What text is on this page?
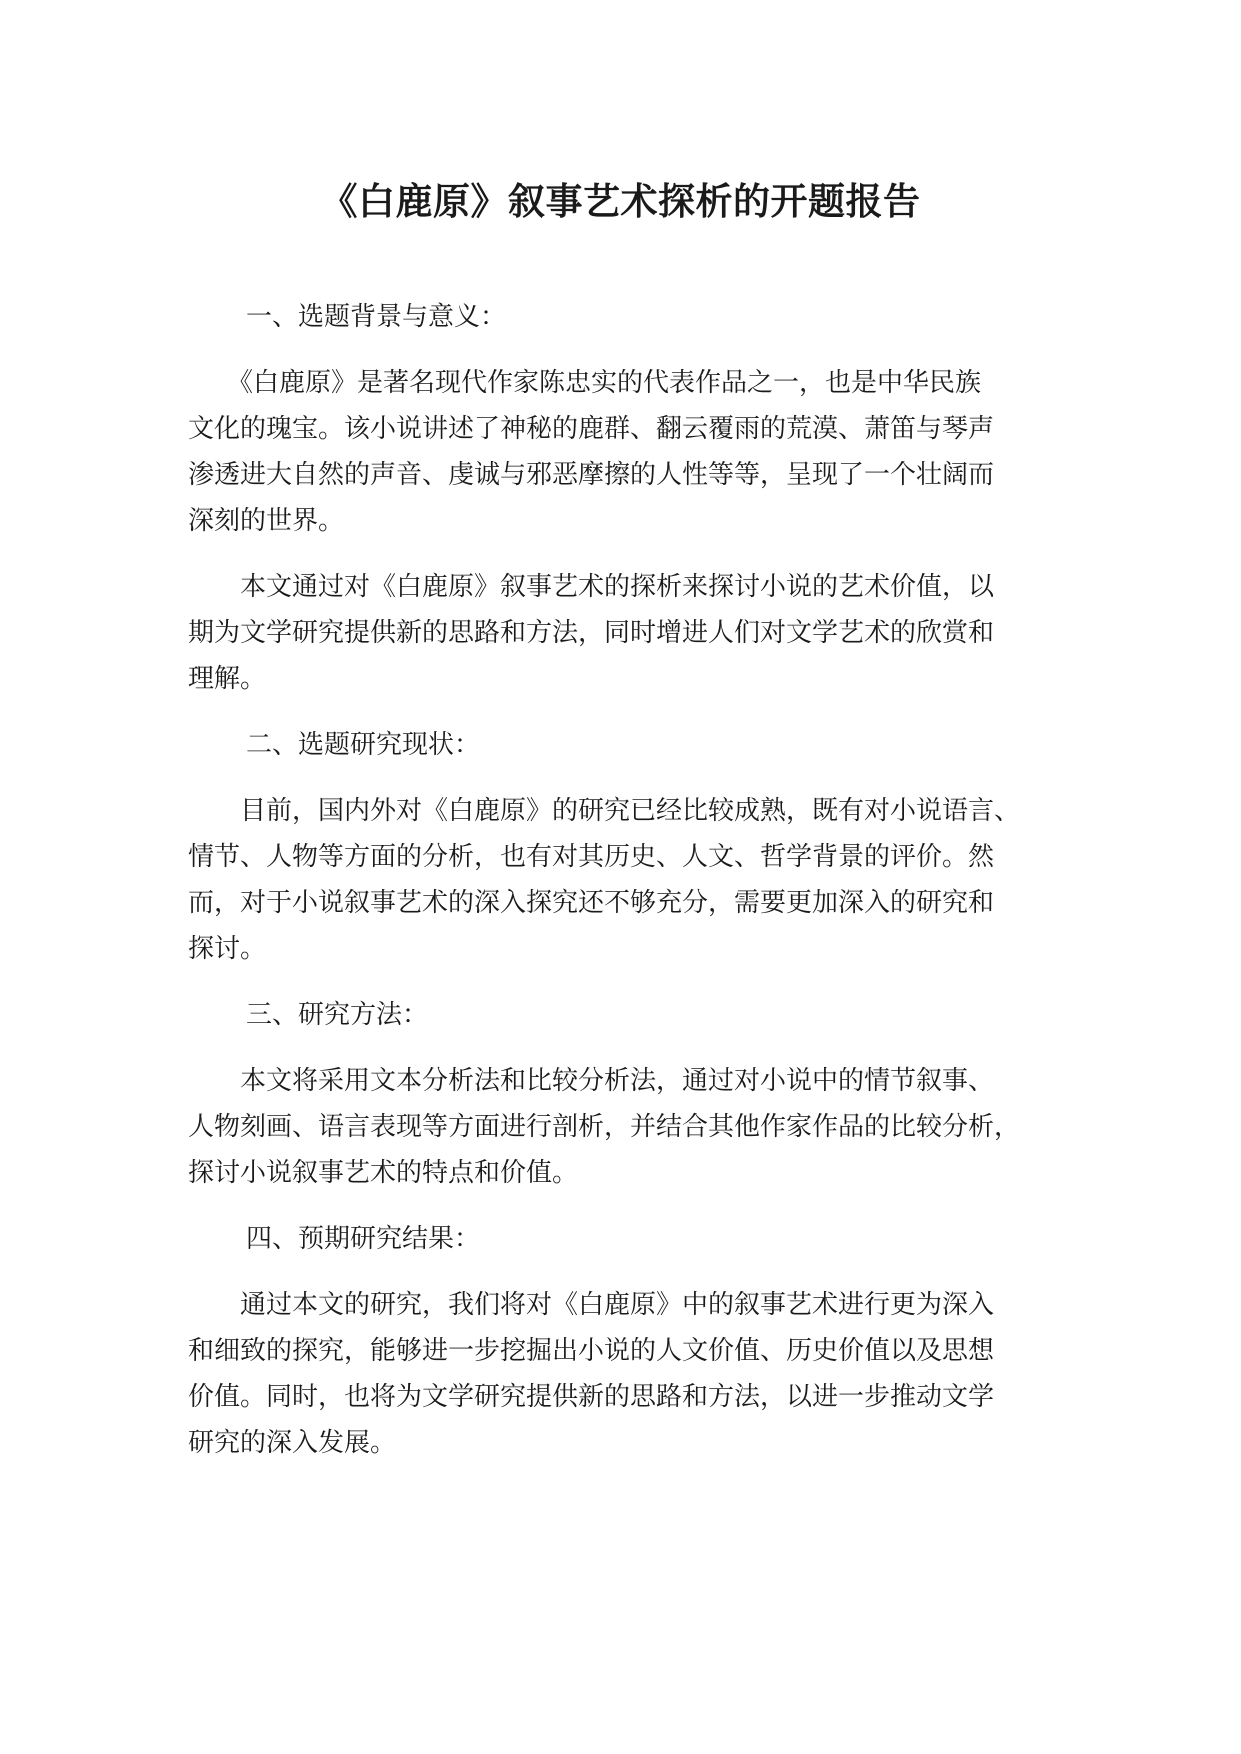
《白鹿原》叙事艺术探析的开题报告

一、选题背景与意义：

　　《白鹿原》是著名现代作家陈忠实的代表作品之一，也是中华民族
文化的瑰宝。该小说讲述了神秘的鹿群、翻云覆雨的荒漠、萧笛与琴声
渗透进大自然的声音、虔诚与邪恶摩擦的人性等等，呈现了一个壮阔而
深刻的世界。

　　本文通过对《白鹿原》叙事艺术的探析来探讨小说的艺术价值，以
期为文学研究提供新的思路和方法，同时增进人们对文学艺术的欣赏和
理解。

二、选题研究现状：

　　目前，国内外对《白鹿原》的研究已经比较成熟，既有对小说语言、
情节、人物等方面的分析，也有对其历史、人文、哲学背景的评价。然
而，对于小说叙事艺术的深入探究还不够充分，需要更加深入的研究和
探讨。

三、研究方法：

　　本文将采用文本分析法和比较分析法，通过对小说中的情节叙事、
人物刻画、语言表现等方面进行剖析，并结合其他作家作品的比较分析，
探讨小说叙事艺术的特点和价值。

四、预期研究结果：

　　通过本文的研究，我们将对《白鹿原》中的叙事艺术进行更为深入
和细致的探究，能够进一步挖掘出小说的人文价值、历史价值以及思想
价值。同时，也将为文学研究提供新的思路和方法，以进一步推动文学
研究的深入发展。
